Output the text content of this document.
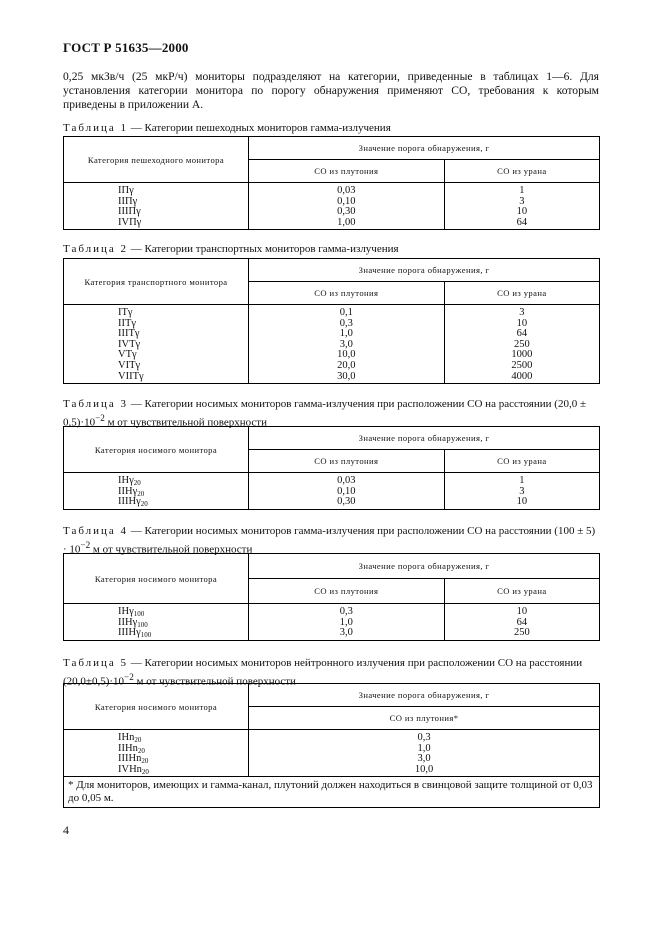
ГОСТ Р 51635—2000
0,25 мкЗв/ч (25 мкР/ч) мониторы подразделяют на категории, приведенные в таблицах 1—6. Для установления категории монитора по порогу обнаружения применяют СО, требования к которым приведены в приложении А.
Таблица 1 — Категории пешеходных мониторов гамма-излучения
Категория пешеходного монитора	Значение порога обнаружения, г	
	СО из плутония	СО из урана
IПγ	0,03	1
IIПγ	0,10	3
IIIПγ	0,30	10
IVПγ	1,00	64
Таблица 2 — Категории транспортных мониторов гамма-излучения
Категория транспортного монитора	Значение порога обнаружения, г	
	СО из плутония	СО из урана
ITγ	0,1	3
IITγ	0,3	10
IIITγ	1,0	64
IVTγ	3,0	250
VTγ	10,0	1000
VITγ	20,0	2500
VIITγ	30,0	4000
Таблица 3 — Категории носимых мониторов гамма-излучения при расположении СО на расстоянии $(20,0 \pm 0,5)\cdot 10^{-2}$ м от чувствительной поверхности
Категория носимого монитора	Значение порога обнаружения, г	
	СО из плутония	СО из урана
IHγ$_{20}$	0,03	1
IIHγ$_{20}$	0,10	3
IIIHγ$_{20}$	0,30	10
Таблица 4 — Категории носимых мониторов гамма-излучения при расположении СО на расстоянии $(100 \pm 5) \cdot 10^{-2}$ м от чувствительной поверхности
Категория носимого монитора	Значение порога обнаружения, г	
	СО из плутония	СО из урана
IHγ$_{100}$	0,3	10
IIHγ$_{100}$	1,0	64
IIIHγ$_{100}$	3,0	250
Таблица 5 — Категории носимых мониторов нейтронного излучения при расположении СО на расстоянии $(20,0\pm 0,5)\cdot 10^{-2}$ м от чувствительной поверхности
Категория носимого монитора	Значение порога обнаружения, г
	СО из плутония*
IHn$_{20}$	0,3
IIHn$_{20}$	1,0
IIIHn$_{20}$	3,0
IVHn$_{20}$	10,0
* Для мониторов, имеющих и гамма-канал, плутоний должен находиться в свинцовой защите толщиной от 0,03 до 0,05 м.	
4
